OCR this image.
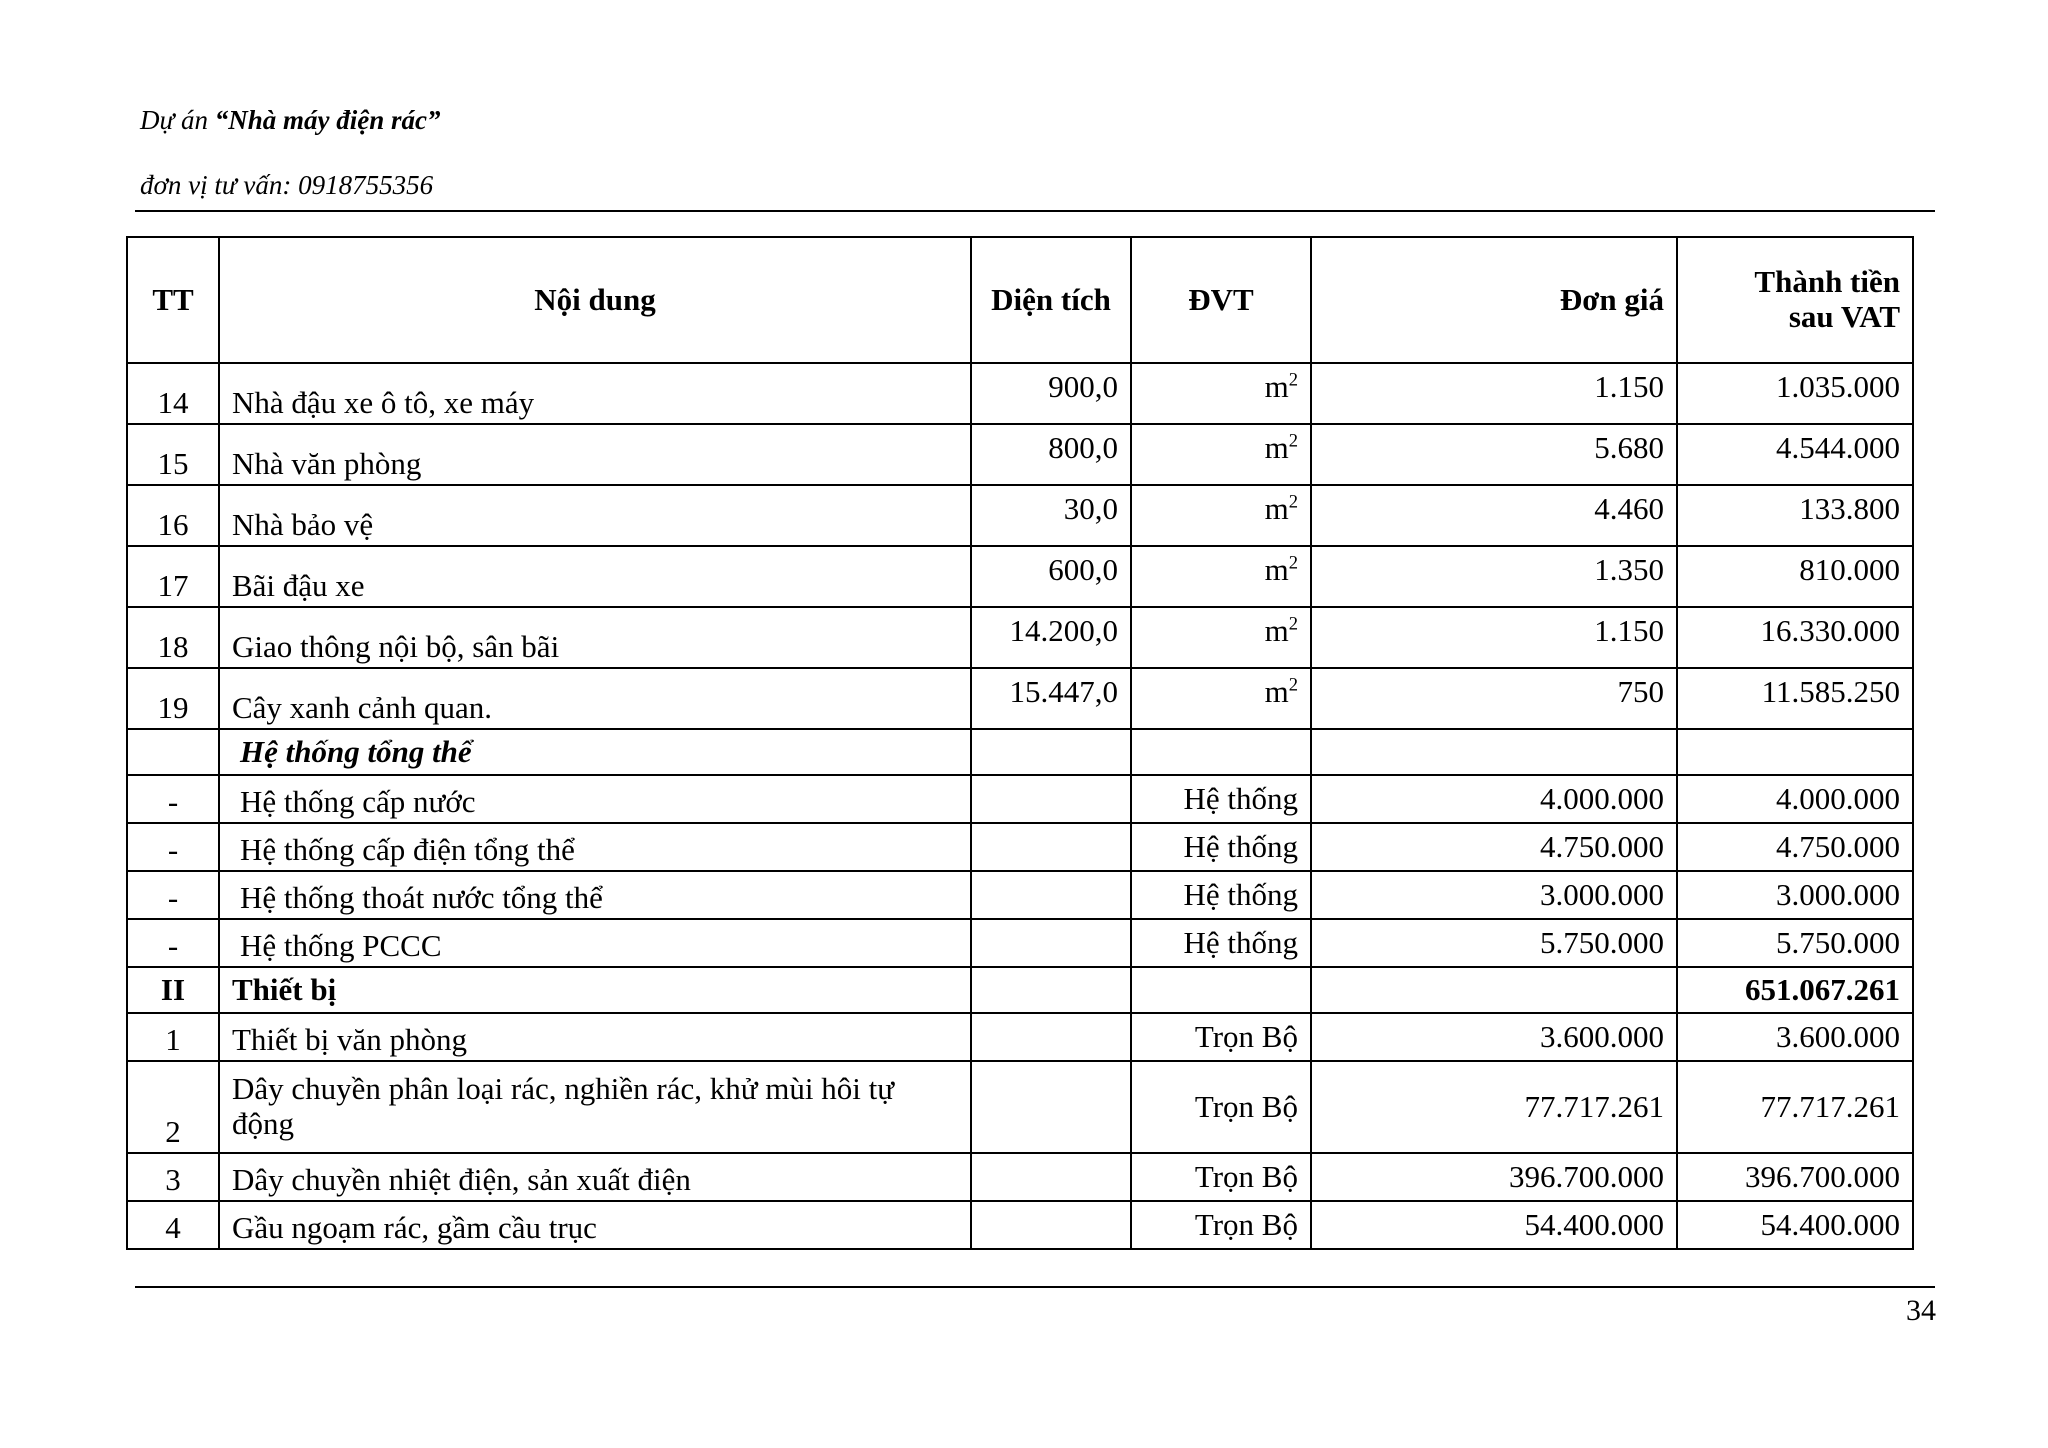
Dự án “Nhà máy điện rác”
đơn vị tư vấn: 0918755356
TT	Nội dung	Diện tích	ĐVT	Đơn giá	Thành tiền
sau VAT
14	Nhà đậu xe ô tô, xe máy	900,0	$m^2$	1.150	1.035.000
15	Nhà văn phòng	800,0	$m^2$	5.680	4.544.000
16	Nhà bảo vệ	30,0	$m^2$	4.460	133.800
17	Bãi đậu xe	600,0	$m^2$	1.350	810.000
18	Giao thông nội bộ, sân bãi	14.200,0	$m^2$	1.150	16.330.000
19	Cây xanh cảnh quan.	15.447,0	$m^2$	750	11.585.250
	Hệ thống tổng thể				
-	Hệ thống cấp nước		Hệ thống	4.000.000	4.000.000
-	Hệ thống cấp điện tổng thể		Hệ thống	4.750.000	4.750.000
-	Hệ thống thoát nước tổng thể		Hệ thống	3.000.000	3.000.000
-	Hệ thống PCCC		Hệ thống	5.750.000	5.750.000
II	Thiết bị				651.067.261
1	Thiết bị văn phòng		Trọn Bộ	3.600.000	3.600.000
2	Dây chuyền phân loại rác, nghiền rác, khử mùi hôi tự động		Trọn Bộ	77.717.261	77.717.261
3	Dây chuyền nhiệt điện, sản xuất điện		Trọn Bộ	396.700.000	396.700.000
4	Gầu ngoạm rác, gầm cầu trục		Trọn Bộ	54.400.000	54.400.000
34
